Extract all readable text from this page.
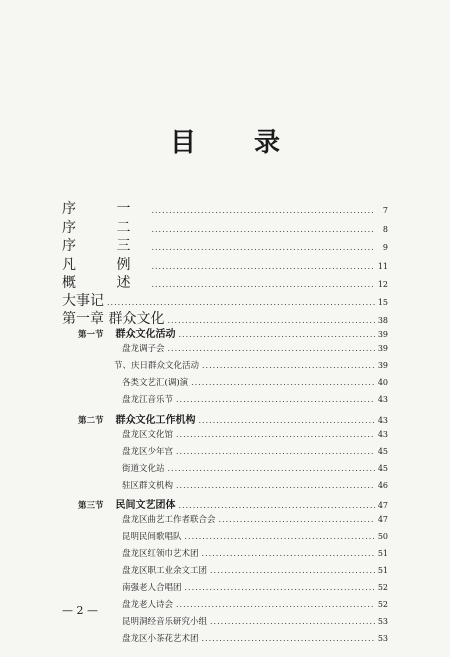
目 录
序 一 .....	7
序 二 .....	8
序 三 .....	9
凡 例 .....	11
概 述 .....	12
大事记 .....	15
第一章 群众文化 .....	38
第一节 群众文化活动 .....	39
盘龙调子会 .....	39
节、庆日群众文化活动 .....	39
各类文艺汇(调)演 .....	40
盘龙江音乐节 .....	43
第二节 群众文化工作机构 .....	43
盘龙区文化馆 .....	43
盘龙区少年宫 .....	45
街道文化站 .....	45
驻区群文机构 .....	46
第三节 民间文艺团体 .....	47
盘龙区曲艺工作者联合会 .....	47
昆明民间歌唱队 .....	50
盘龙区红领巾艺术团 .....	51
盘龙区职工业余文工团 .....	51
南强老人合唱团 .....	52
盘龙老人诗会 .....	52
昆明洞经音乐研究小组 .....	53
盘龙区小茶花艺术团 .....	53
— 2 —
